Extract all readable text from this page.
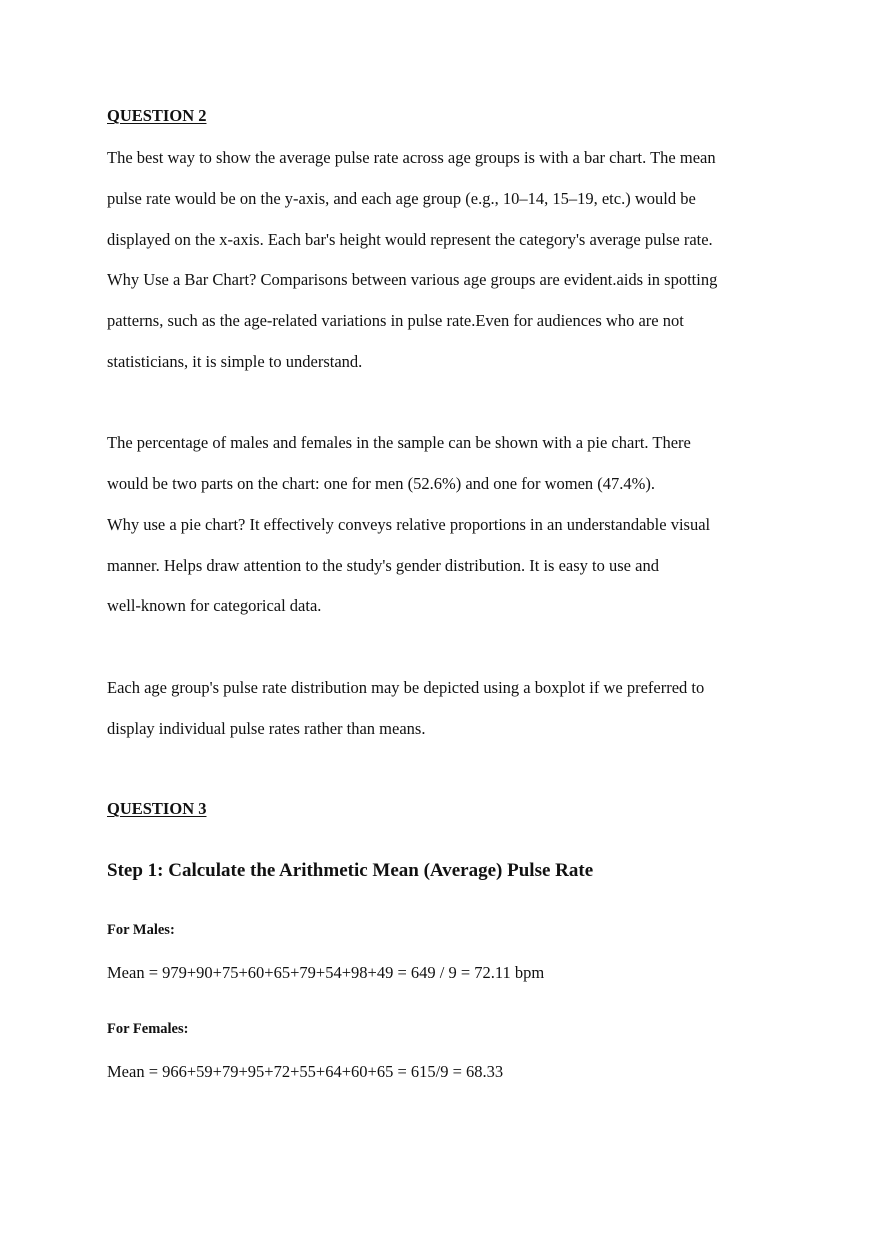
QUESTION 2
The best way to show the average pulse rate across age groups is with a bar chart. The mean
pulse rate would be on the y-axis, and each age group (e.g., 10–14, 15–19, etc.) would be
displayed on the x-axis. Each bar's height would represent the category's average pulse rate.
Why Use a Bar Chart? Comparisons between various age groups are evident.aids in spotting
patterns, such as the age-related variations in pulse rate.Even for audiences who are not
statisticians, it is simple to understand.
The percentage of males and females in the sample can be shown with a pie chart. There
would be two parts on the chart: one for men (52.6%) and one for women (47.4%).
Why use a pie chart? It effectively conveys relative proportions in an understandable visual
manner. Helps draw attention to the study's gender distribution. It is easy to use and
well-known for categorical data.
Each age group's pulse rate distribution may be depicted using a boxplot if we preferred to
display individual pulse rates rather than means.
QUESTION 3
Step 1: Calculate the Arithmetic Mean (Average) Pulse Rate
For Males:
Mean = 979+90+75+60+65+79+54+98+49 = 649 / 9 = 72.11 bpm
For Females:
Mean = 966+59+79+95+72+55+64+60+65 = 615/9 = 68.33
